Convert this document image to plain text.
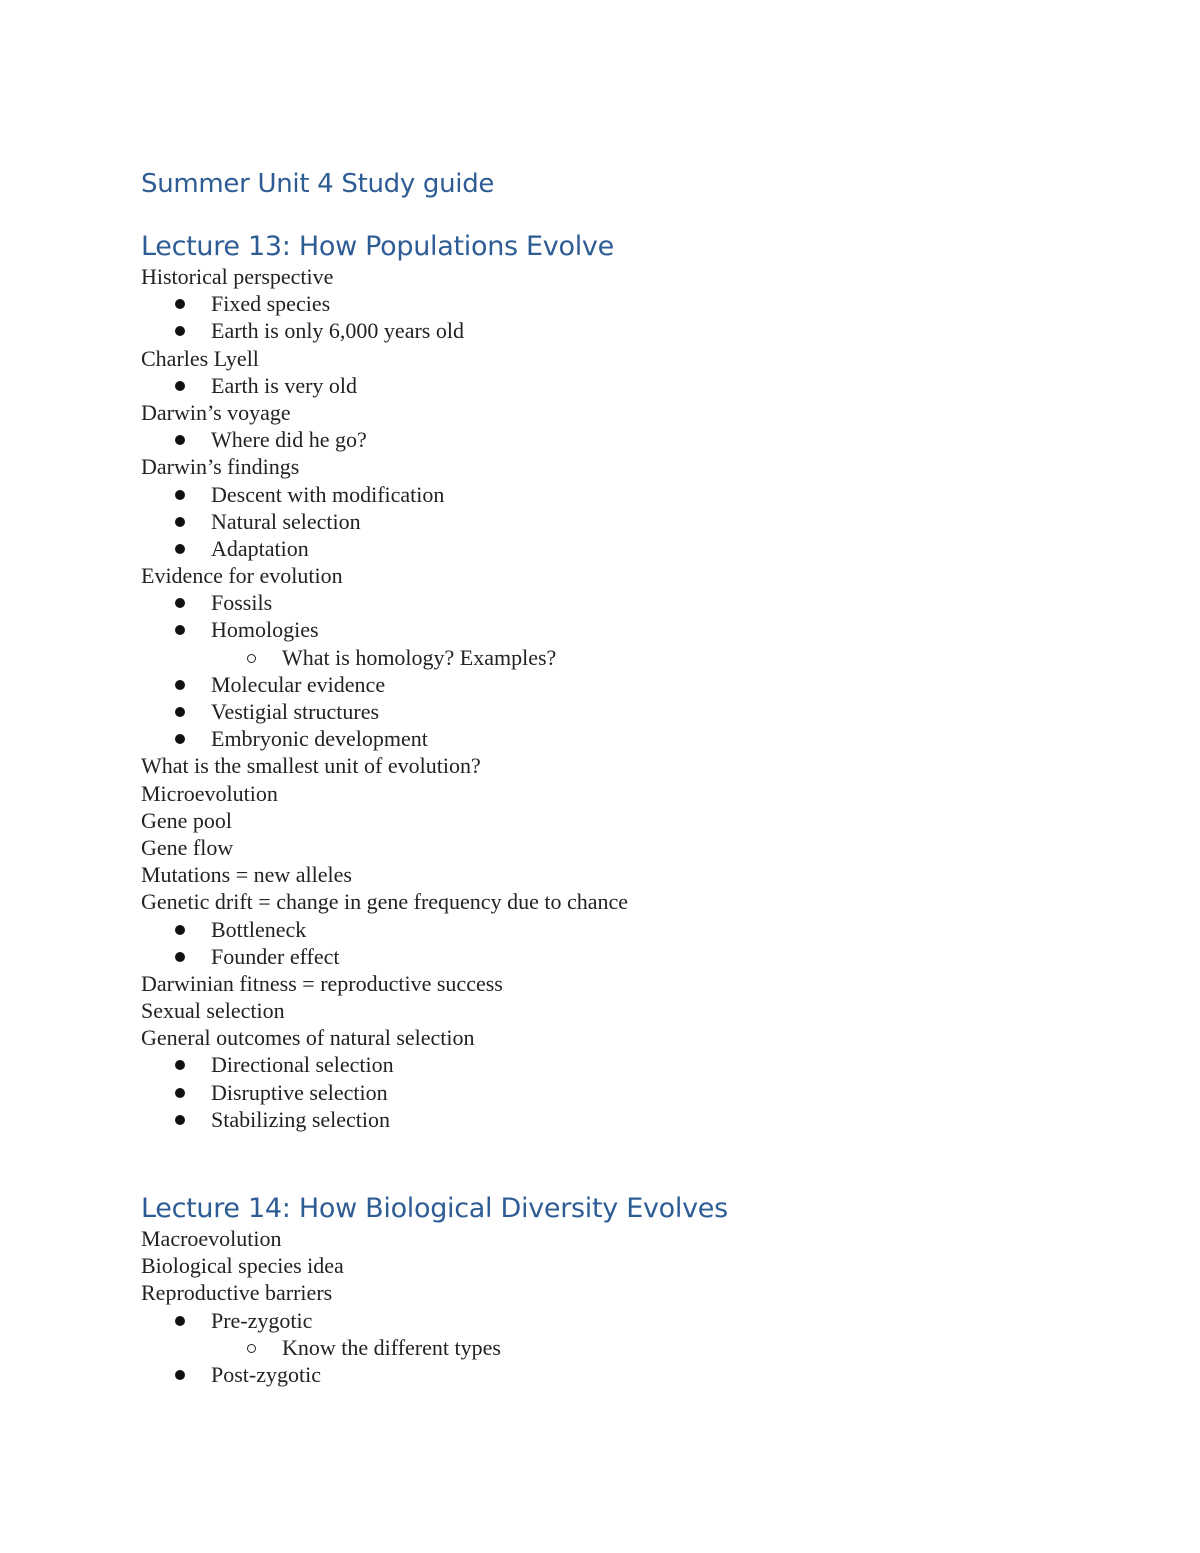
Summer Unit 4 Study guide
Lecture 13: How Populations Evolve
Historical perspective
Fixed species
Earth is only 6,000 years old
Charles Lyell
Earth is very old
Darwin’s voyage
Where did he go?
Darwin’s findings
Descent with modification
Natural selection
Adaptation
Evidence for evolution
Fossils
Homologies
What is homology? Examples?
Molecular evidence
Vestigial structures
Embryonic development
What is the smallest unit of evolution?
Microevolution
Gene pool
Gene flow
Mutations = new alleles
Genetic drift = change in gene frequency due to chance
Bottleneck
Founder effect
Darwinian fitness = reproductive success
Sexual selection
General outcomes of natural selection
Directional selection
Disruptive selection
Stabilizing selection
Lecture 14: How Biological Diversity Evolves
Macroevolution
Biological species idea
Reproductive barriers
Pre-zygotic
Know the different types
Post-zygotic
